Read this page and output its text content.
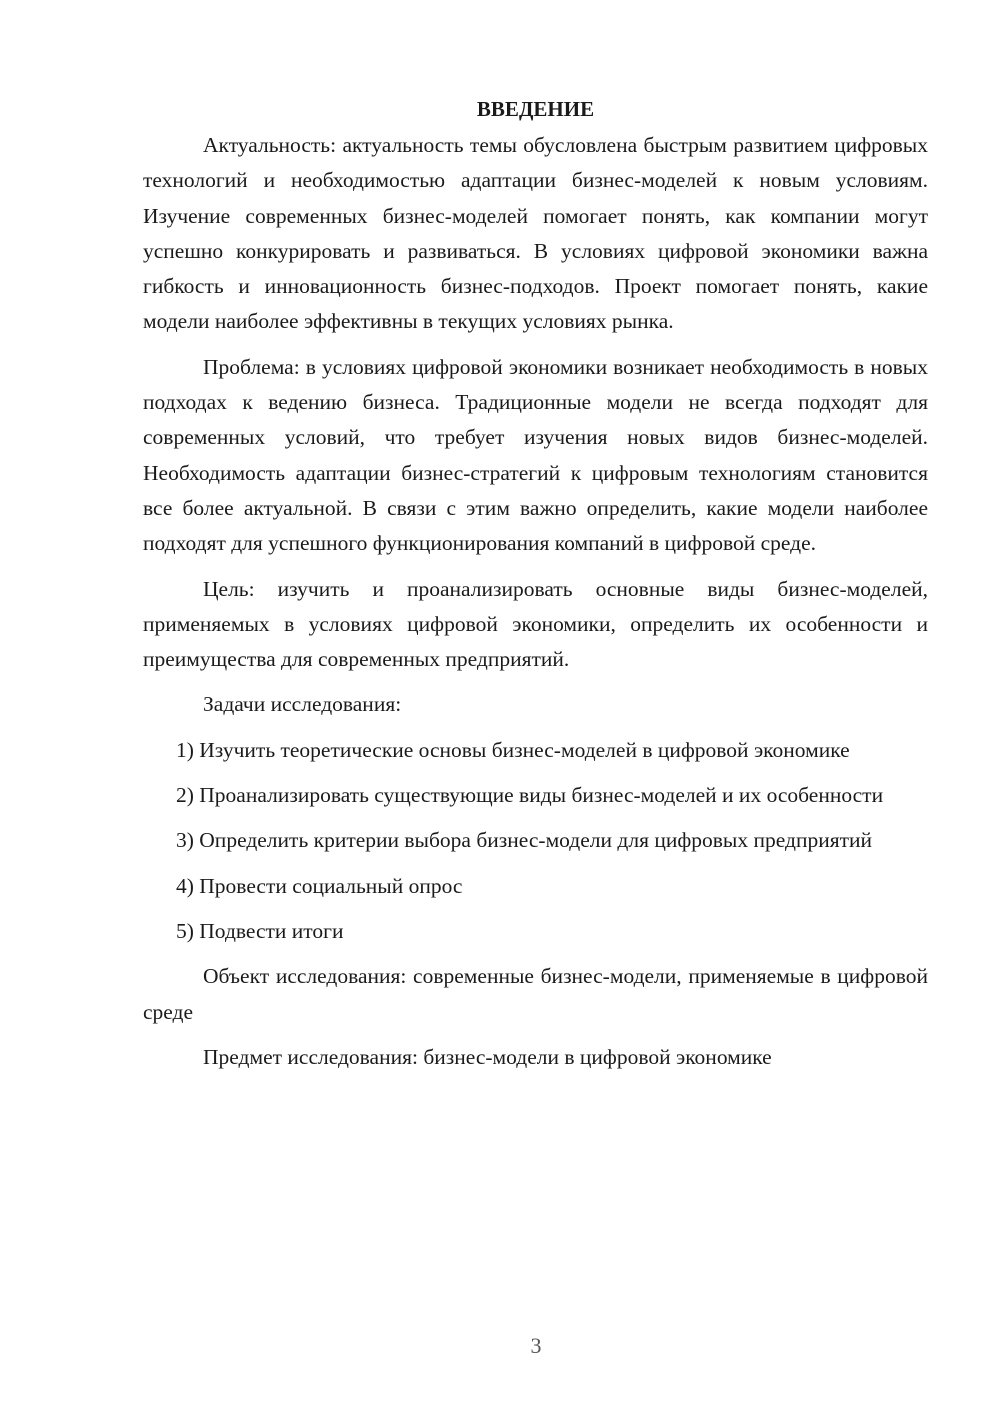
ВВЕДЕНИЕ

Актуальность: актуальность темы обусловлена быстрым развитием цифровых технологий и необходимостью адаптации бизнес-моделей к новым условиям. Изучение современных бизнес-моделей помогает понять, как компании могут успешно конкурировать и развиваться. В условиях цифровой экономики важна гибкость и инновационность бизнес-подходов. Проект помогает понять, какие модели наиболее эффективны в текущих условиях рынка.

Проблема: в условиях цифровой экономики возникает необходимость в новых подходах к ведению бизнеса. Традиционные модели не всегда подходят для современных условий, что требует изучения новых видов бизнес-моделей. Необходимость адаптации бизнес-стратегий к цифровым технологиям становится все более актуальной. В связи с этим важно определить, какие модели наиболее подходят для успешного функционирования компаний в цифровой среде.

Цель: изучить и проанализировать основные виды бизнес-моделей, применяемых в условиях цифровой экономики, определить их особенности и преимущества для современных предприятий.

Задачи исследования:

1) Изучить теоретические основы бизнес-моделей в цифровой экономике

2) Проанализировать существующие виды бизнес-моделей и их особенности

3) Определить критерии выбора бизнес-модели для цифровых предприятий

4) Провести социальный опрос

5) Подвести итоги

Объект исследования: современные бизнес-модели, применяемые в цифровой среде

Предмет исследования: бизнес-модели в цифровой экономике

3
